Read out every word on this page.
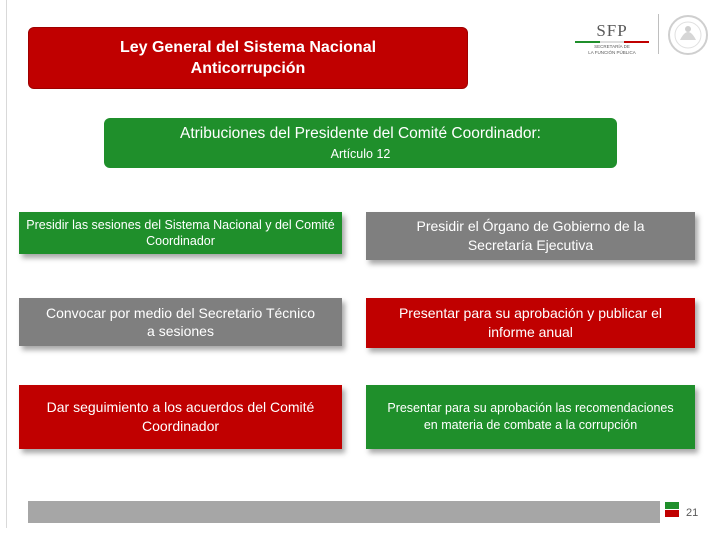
Ley General del Sistema Nacional
Anticorrupción
SFP
SECRETARÍA DE
LA FUNCIÓN PÚBLICA
Atribuciones del Presidente del Comité Coordinador:
Artículo 12
Presidir las sesiones del Sistema Nacional y del Comité Coordinador
Presidir el Órgano de Gobierno de la Secretaría Ejecutiva
Convocar por medio del Secretario Técnico a sesiones
Presentar para su aprobación y publicar el informe anual
Dar seguimiento a los acuerdos del Comité Coordinador
Presentar para su aprobación las recomendaciones en materia de combate a la corrupción
21
